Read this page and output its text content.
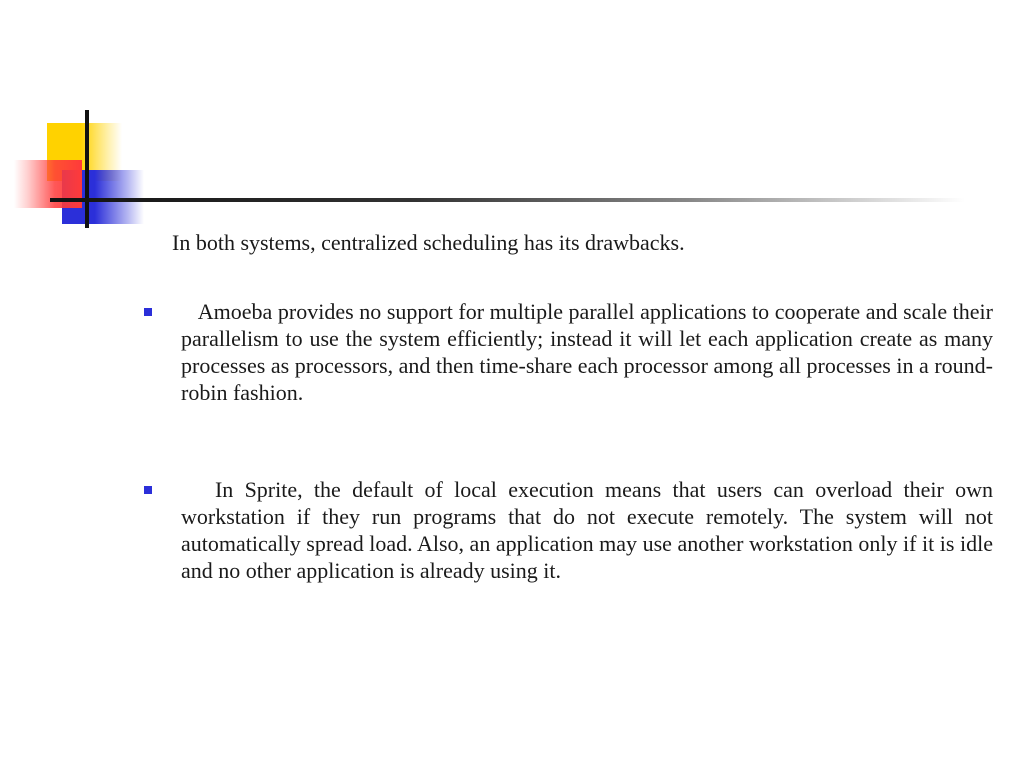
In both systems, centralized scheduling has its drawbacks.

Amoeba provides no support for multiple parallel applications to cooperate and scale their parallelism to use the system efficiently; instead it will let each application create as many processes as processors, and then time-share each processor among all processes in a round-robin fashion.

In Sprite, the default of local execution means that users can overload their own workstation if they run programs that do not execute remotely. The system will not automatically spread load. Also, an application may use another workstation only if it is idle and no other application is already using it.
